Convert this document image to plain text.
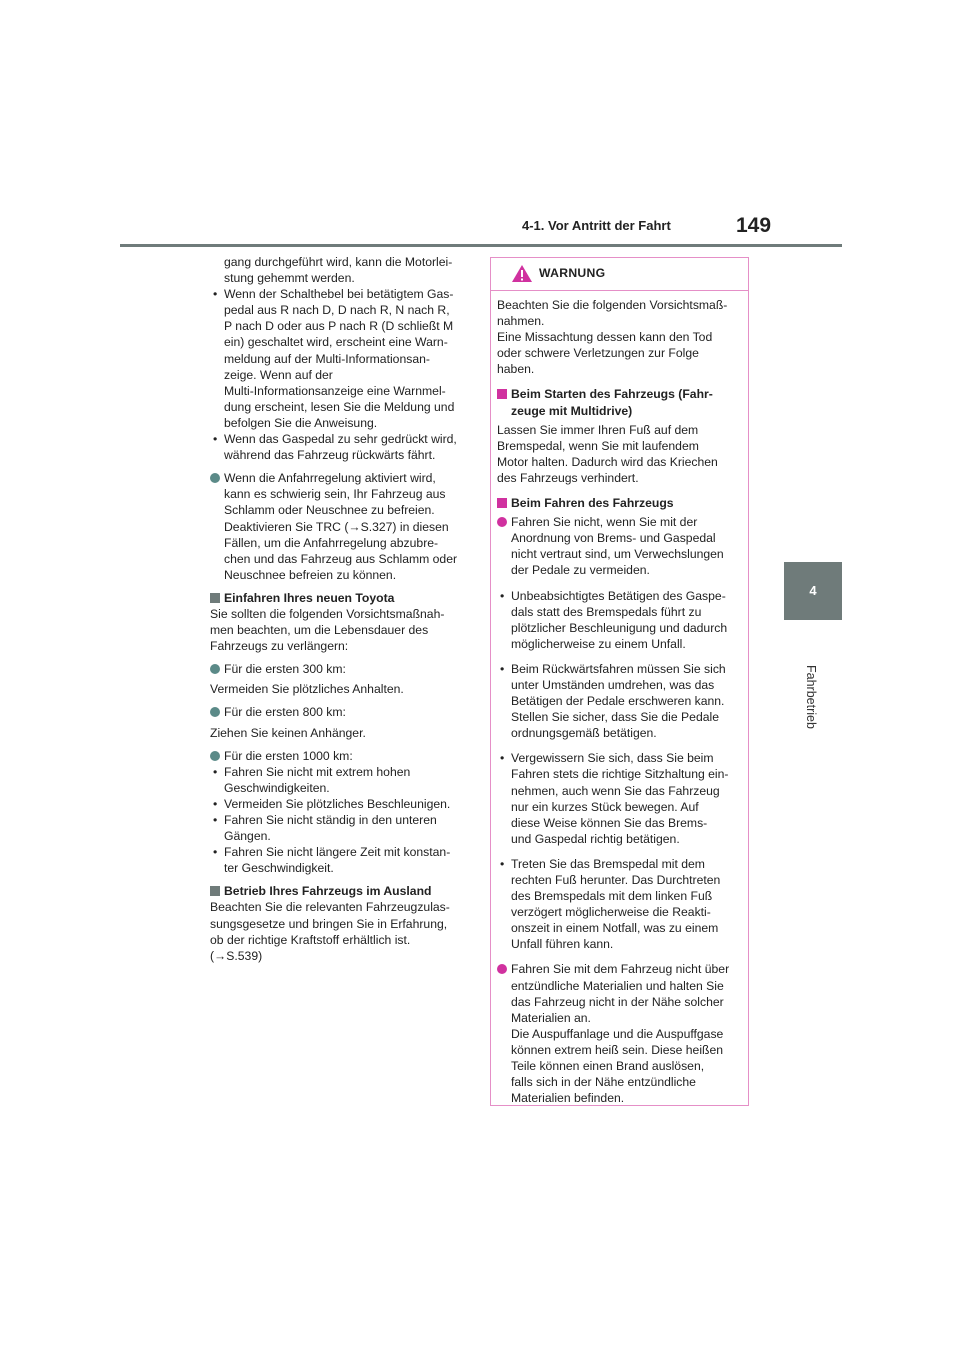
4-1. Vor Antritt der Fahrt	149
4
Fahrbetrieb

gang durchgeführt wird, kann die Motorlei-

stung gehemmt werden.

• Wenn der Schalthebel bei betätigtem Gas-

pedal aus R nach D, D nach R, N nach R,

P nach D oder aus P nach R (D schließt M

ein) geschaltet wird, erscheint eine Warn-

meldung auf der Multi-Informationsan-

zeige. Wenn auf der

Multi-Informationsanzeige eine Warnmel-

dung erscheint, lesen Sie die Meldung und

befolgen Sie die Anweisung.

• Wenn das Gaspedal zu sehr gedrückt wird,

während das Fahrzeug rückwärts fährt.

Wenn die Anfahrregelung aktiviert wird,

kann es schwierig sein, Ihr Fahrzeug aus

Schlamm oder Neuschnee zu befreien.

Deaktivieren Sie TRC (→S.327) in diesen

Fällen, um die Anfahrregelung abzubre-

chen und das Fahrzeug aus Schlamm oder

Neuschnee befreien zu können.

Einfahren Ihres neuen Toyota

Sie sollten die folgenden Vorsichtsmaßnah-

men beachten, um die Lebensdauer des

Fahrzeugs zu verlängern:

Für die ersten 300 km:

Vermeiden Sie plötzliches Anhalten.

Für die ersten 800 km:

Ziehen Sie keinen Anhänger.

Für die ersten 1000 km:

• Fahren Sie nicht mit extrem hohen

Geschwindigkeiten.

• Vermeiden Sie plötzliches Beschleunigen.

• Fahren Sie nicht ständig in den unteren

Gängen.

• Fahren Sie nicht längere Zeit mit konstan-

ter Geschwindigkeit.

Betrieb Ihres Fahrzeugs im Ausland

Beachten Sie die relevanten Fahrzeugzulas-

sungsgesetze und bringen Sie in Erfahrung,

ob der richtige Kraftstoff erhältlich ist.

(→S.539)

WARNUNG

Beachten Sie die folgenden Vorsichtsmaß-

nahmen.

Eine Missachtung dessen kann den Tod

oder schwere Verletzungen zur Folge

haben.

Beim Starten des Fahrzeugs (Fahr-

zeuge mit Multidrive)

Lassen Sie immer Ihren Fuß auf dem

Bremspedal, wenn Sie mit laufendem

Motor halten. Dadurch wird das Kriechen

des Fahrzeugs verhindert.

Beim Fahren des Fahrzeugs

Fahren Sie nicht, wenn Sie mit der

Anordnung von Brems- und Gaspedal

nicht vertraut sind, um Verwechslungen

der Pedale zu vermeiden.

• Unbeabsichtigtes Betätigen des Gaspe-

dals statt des Bremspedals führt zu

plötzlicher Beschleunigung und dadurch

möglicherweise zu einem Unfall.

• Beim Rückwärtsfahren müssen Sie sich

unter Umständen umdrehen, was das

Betätigen der Pedale erschweren kann.

Stellen Sie sicher, dass Sie die Pedale

ordnungsgemäß betätigen.

• Vergewissern Sie sich, dass Sie beim

Fahren stets die richtige Sitzhaltung ein-

nehmen, auch wenn Sie das Fahrzeug

nur ein kurzes Stück bewegen. Auf

diese Weise können Sie das Brems-

und Gaspedal richtig betätigen.

• Treten Sie das Bremspedal mit dem

rechten Fuß herunter. Das Durchtreten

des Bremspedals mit dem linken Fuß

verzögert möglicherweise die Reakti-

onszeit in einem Notfall, was zu einem

Unfall führen kann.

Fahren Sie mit dem Fahrzeug nicht über

entzündliche Materialien und halten Sie

das Fahrzeug nicht in der Nähe solcher

Materialien an.

Die Auspuffanlage und die Auspuffgase

können extrem heiß sein. Diese heißen

Teile können einen Brand auslösen,

falls sich in der Nähe entzündliche

Materialien befinden.
